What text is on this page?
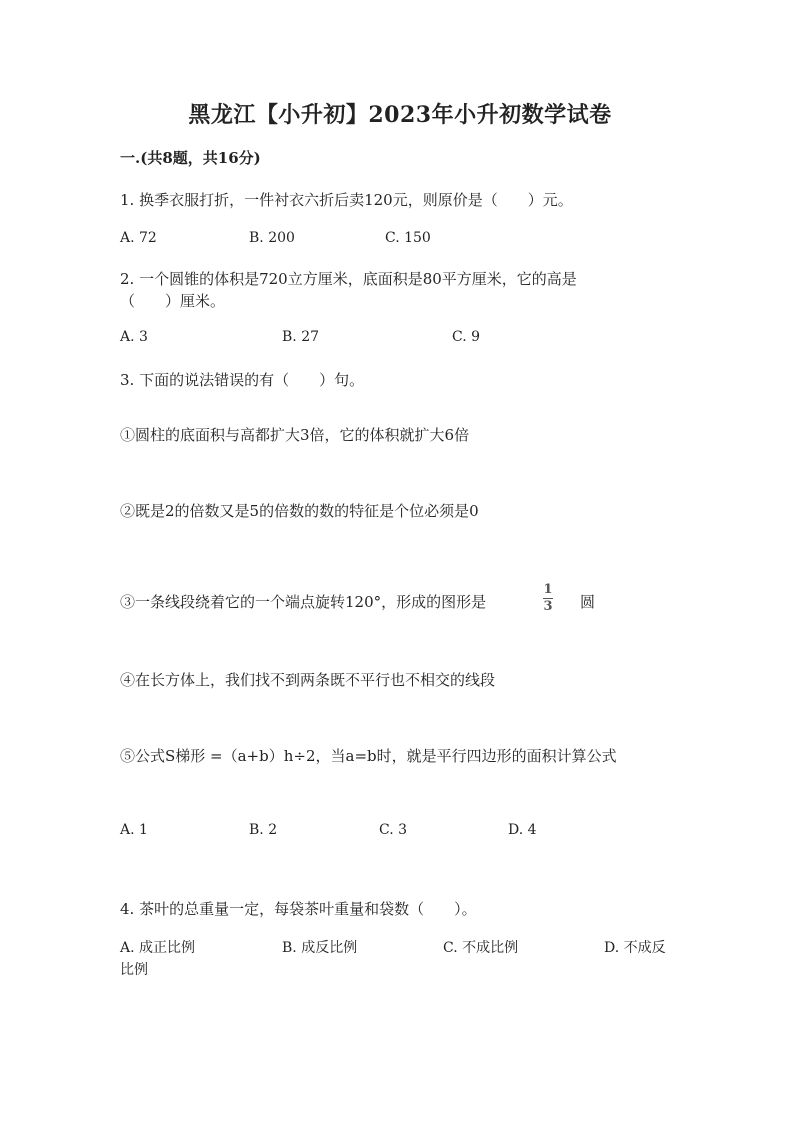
黑龙江【小升初】2023年小升初数学试卷
一.(共8题，共16分)
1. 换季衣服打折，一件衬衣六折后卖120元，则原价是（　　）元。
A. 72	B. 200	C. 150
2. 一个圆锥的体积是720立方厘米，底面积是80平方厘米，它的高是
（　　）厘米。
A. 3	B. 27	C. 9
3. 下面的说法错误的有（　　）句。
①圆柱的底面积与高都扩大3倍，它的体积就扩大6倍
②既是2的倍数又是5的倍数的数的特征是个位必须是0
③一条线段绕着它的一个端点旋转120°，形成的图形是
1
3 圆
④在长方体上，我们找不到两条既不平行也不相交的线段
⑤公式S梯形 =（a+b）h÷2，当a=b时，就是平行四边形的面积计算公式
A. 1	B. 2	C. 3	D. 4
4. 茶叶的总重量一定，每袋茶叶重量和袋数（　　）。
A. 成正比例	B. 成反比例	C. 不成比例	D. 不成反
比例
